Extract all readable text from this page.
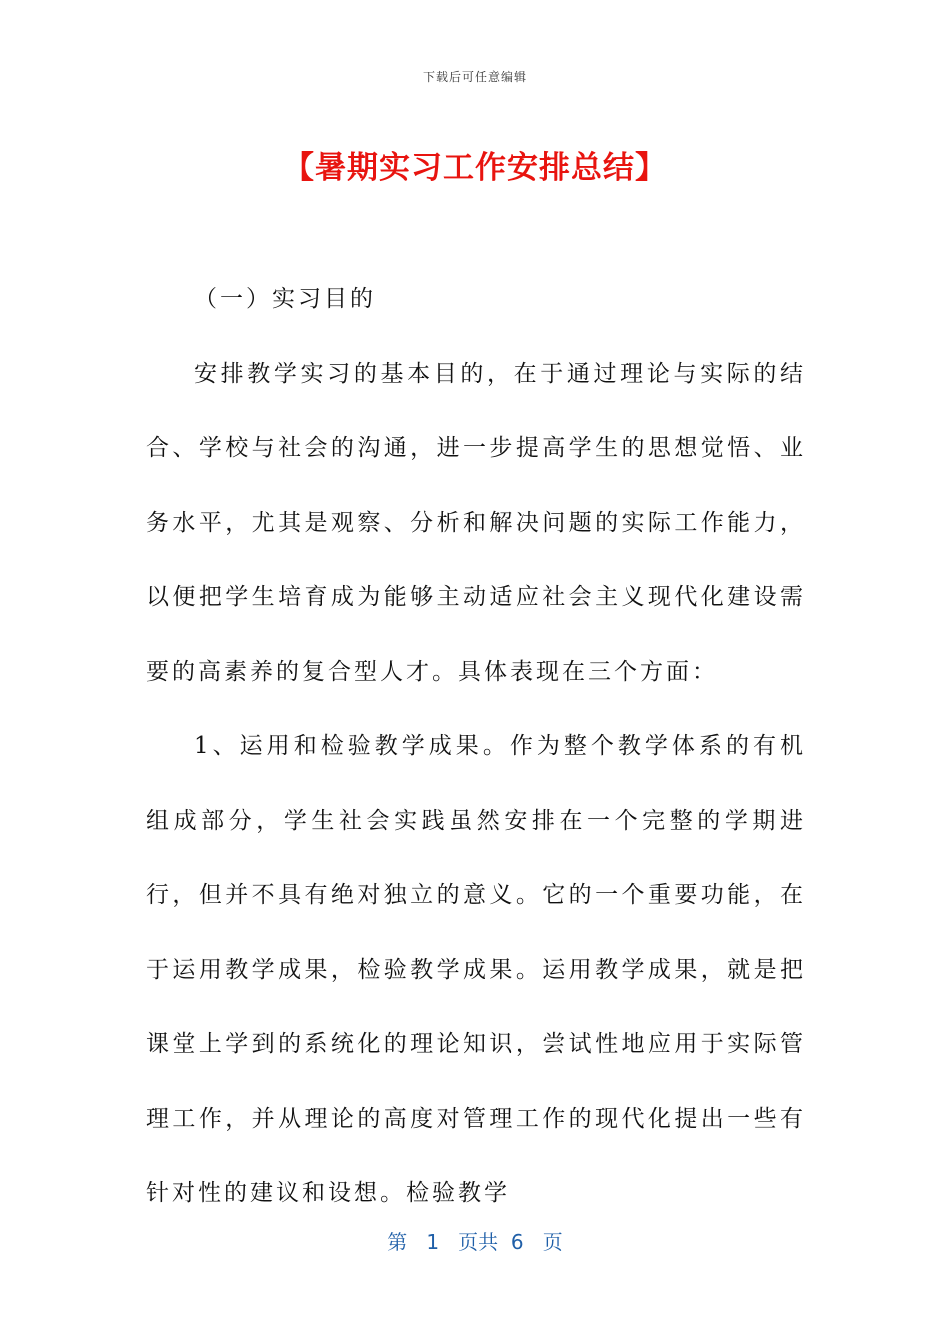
下载后可任意编辑
【暑期实习工作安排总结】

（一）实习目的

安排教学实习的基本目的，在于通过理论与实际的结合、学校与社会的沟通，进一步提高学生的思想觉悟、业务水平，尤其是观察、分析和解决问题的实际工作能力，以便把学生培育成为能够主动适应社会主义现代化建设需要的高素养的复合型人才。具体表现在三个方面：

1、运用和检验教学成果。作为整个教学体系的有机组成部分，学生社会实践虽然安排在一个完整的学期进行，但并不具有绝对独立的意义。它的一个重要功能，在于运用教学成果，检验教学成果。运用教学成果，就是把课堂上学到的系统化的理论知识，尝试性地应用于实际管理工作，并从理论的高度对管理工作的现代化提出一些有针对性的建议和设想。检验教学

第 1 页共 6 页
